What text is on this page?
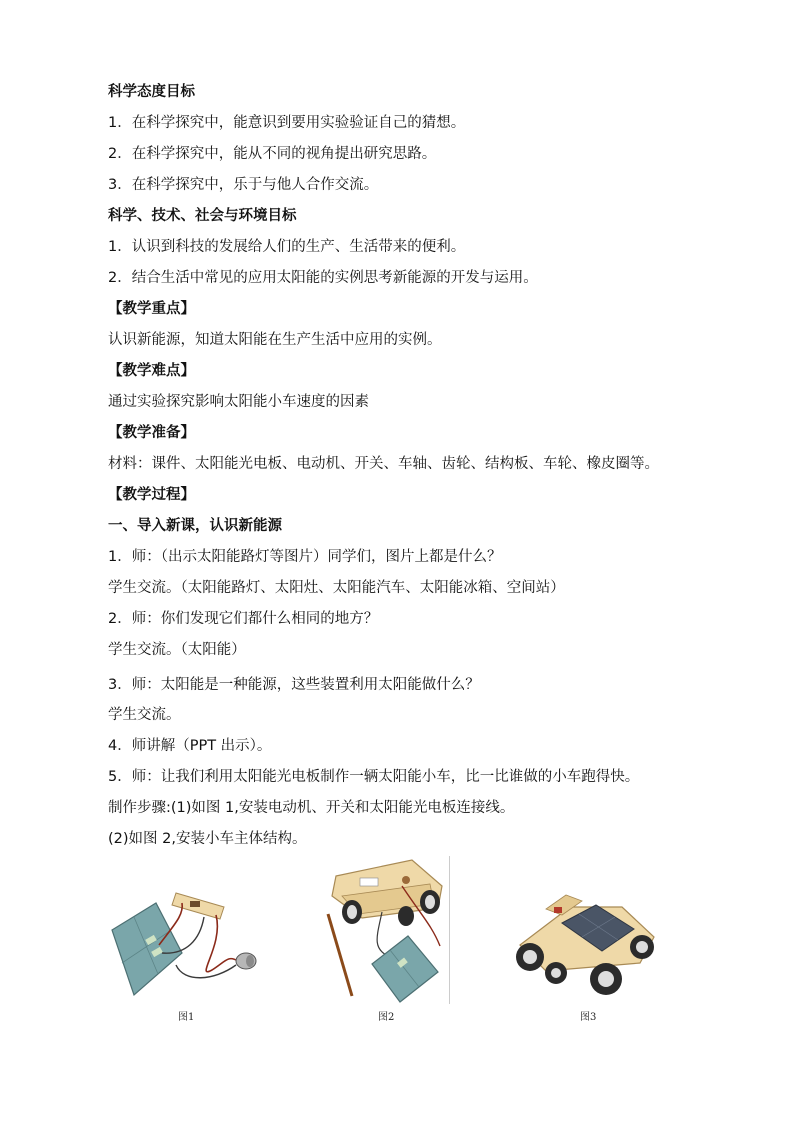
科学态度目标
1．在科学探究中，能意识到要用实验验证自己的猜想。
2．在科学探究中，能从不同的视角提出研究思路。
3．在科学探究中，乐于与他人合作交流。
科学、技术、社会与环境目标
1．认识到科技的发展给人们的生产、生活带来的便利。
2．结合生活中常见的应用太阳能的实例思考新能源的开发与运用。
【教学重点】
认识新能源，知道太阳能在生产生活中应用的实例。
【教学难点】
通过实验探究影响太阳能小车速度的因素
【教学准备】
材料：课件、太阳能光电板、电动机、开关、车轴、齿轮、结构板、车轮、橡皮圈等。
【教学过程】
一、导入新课，认识新能源
1．师：（出示太阳能路灯等图片）同学们，图片上都是什么？
学生交流。（太阳能路灯、太阳灶、太阳能汽车、太阳能冰箱、空间站）
2．师：你们发现它们都什么相同的地方？
学生交流。（太阳能）
3．师：太阳能是一种能源，这些装置利用太阳能做什么？
学生交流。
4．师讲解（PPT 出示）。
5．师：让我们利用太阳能光电板制作一辆太阳能小车，比一比谁做的小车跑得快。
制作步骤:(1)如图 1,安装电动机、开关和太阳能光电板连接线。
(2)如图 2,安装小车主体结构。
图1	图2	图3
